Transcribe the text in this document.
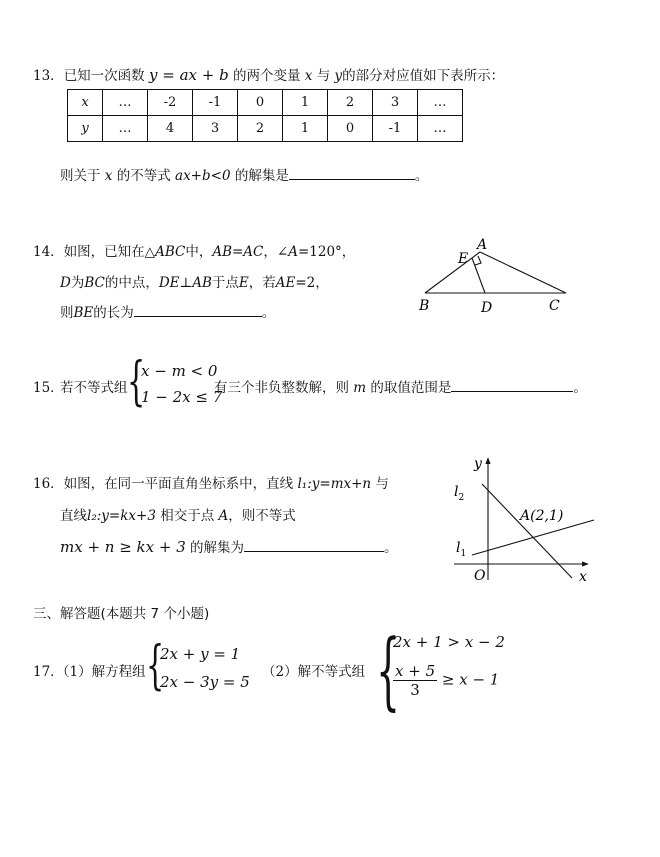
13．已知一次函数 y = ax + b 的两个变量 x 与 y的部分对应值如下表所示：
x	…	-2	-1	0	1	2	3	…
y	…	4	3	2	1	0	-1	…
则关于 x 的不等式 ax+b<0 的解集是	。
14．如图，已知在△ABC中，AB=AC，∠A=120°，
D为BC的中点，DE⊥AB于点E，若AE=2，
则BE的长为	。
A
E
B	D	C
15．
若不等式组 {
x − m < 0
1 − 2x ≤ 7
有三个非负整数解，则 m 的取值范围是	。
16．如图，在同一平面直角坐标系中，直线 l₁:y=mx+n 与
直线l₂:y=kx+3 相交于点 A，则不等式
mx + n ≥ kx + 3 的解集为	。
y
x
O
$l_2$
$l_1$
A(2,1)
三、解答题(本题共 7 个小题)
17．
（1）解方程组 {
2x + y = 1
2x − 3y = 5
（2）解不等式组 {
2x + 1 > x − 2
$\frac{x + 5}{3} \ge x - 1$
